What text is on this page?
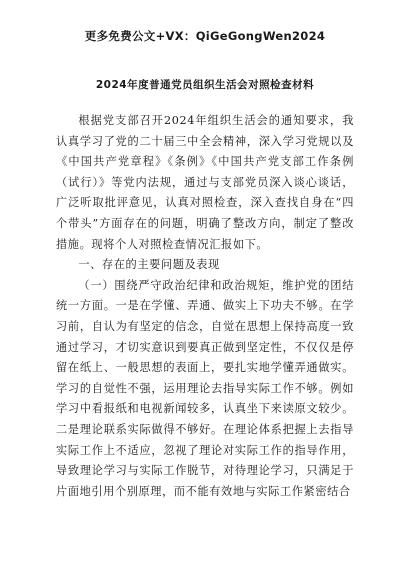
更多免费公文+VX：QiGeGongWen2024
2024年度普通党员组织生活会对照检查材料

根据党支部召开2024年组织生活会的通知要求，我认真学习了党的二十届三中全会精神，深入学习党规以及《中国共产党章程》《条例》《中国共产党支部工作条例（试行）》等党内法规，通过与支部党员深入谈心谈话，广泛听取批评意见，认真对照检查，深入查找自身在“四个带头”方面存在的问题，明确了整改方向，制定了整改措施。现将个人对照检查情况汇报如下。

一、存在的主要问题及表现

（一）围绕严守政治纪律和政治规矩，维护党的团结统一方面。一是在学懂、弄通、做实上下功夫不够。在学习前，自认为有坚定的信念，自觉在思想上保持高度一致通过学习，才切实意识到要真正做到坚定性，不仅仅是停留在纸上、一般思想的表面上，要扎实地学懂弄通做实。学习的自觉性不强，运用理论去指导实际工作不够。例如学习中看报纸和电视新闻较多，认真坐下来读原文较少。二是理论联系实际做得不够好。在理论体系把握上去指导实际工作上不适应，忽视了理论对实际工作的指导作用，导致理论学习与实际工作脱节，对待理论学习，只满足于片面地引用个别原理，而不能有效地与实际工作紧密结合
